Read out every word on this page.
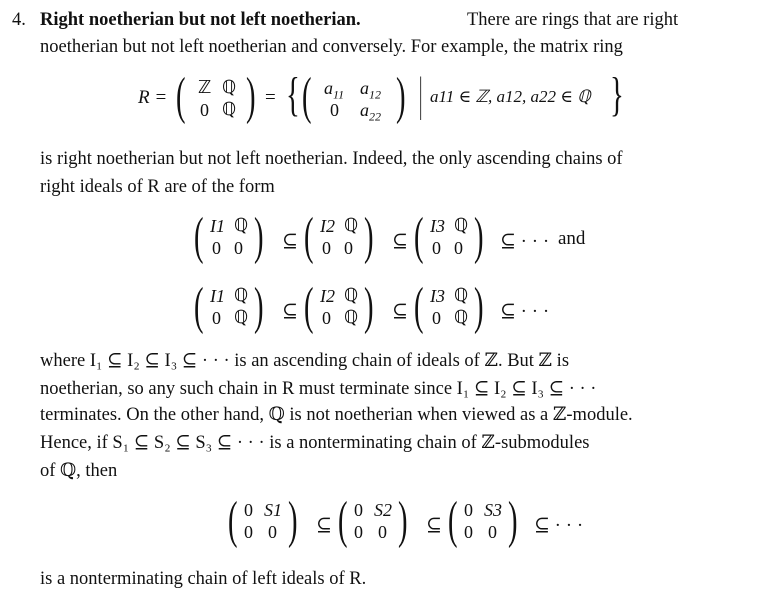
4. Right noetherian but not left noetherian.	There are rings that are right
noetherian but not left noetherian and conversely. For example, the matrix ring
R = ( ℤ ℚ
0 ℚ ) = { ( $a_{11}$ $a_{12}$
0 $a_{22}$ ) | a11 ∈ ℤ, a12, a22 ∈ ℚ }
is right noetherian but not left noetherian. Indeed, the only ascending chains of
right ideals of R are of the form
( I1 ℚ
0 0 ) ⊆ ( I2 ℚ
0 0 ) ⊆ ( I3 ℚ
0 0 ) ⊆ · · · and
( I1 ℚ
0 ℚ ) ⊆ ( I2 ℚ
0 ℚ ) ⊆ ( I3 ℚ
0 ℚ ) ⊆ · · ·
where I₁ ⊆ I₂ ⊆ I₃ ⊆ · · · is an ascending chain of ideals of ℤ. But ℤ is
noetherian, so any such chain in R must terminate since I₁ ⊆ I₂ ⊆ I₃ ⊆ · · ·
terminates. On the other hand, ℚ is not noetherian when viewed as a ℤ-module.
Hence, if S₁ ⊆ S₂ ⊆ S₃ ⊆ · · · is a nonterminating chain of ℤ-submodules
of ℚ, then
( 0 S1
0 0 ) ⊆ ( 0 S2
0 0 ) ⊆ ( 0 S3
0 0 ) ⊆ · · ·
is a nonterminating chain of left ideals of R.
